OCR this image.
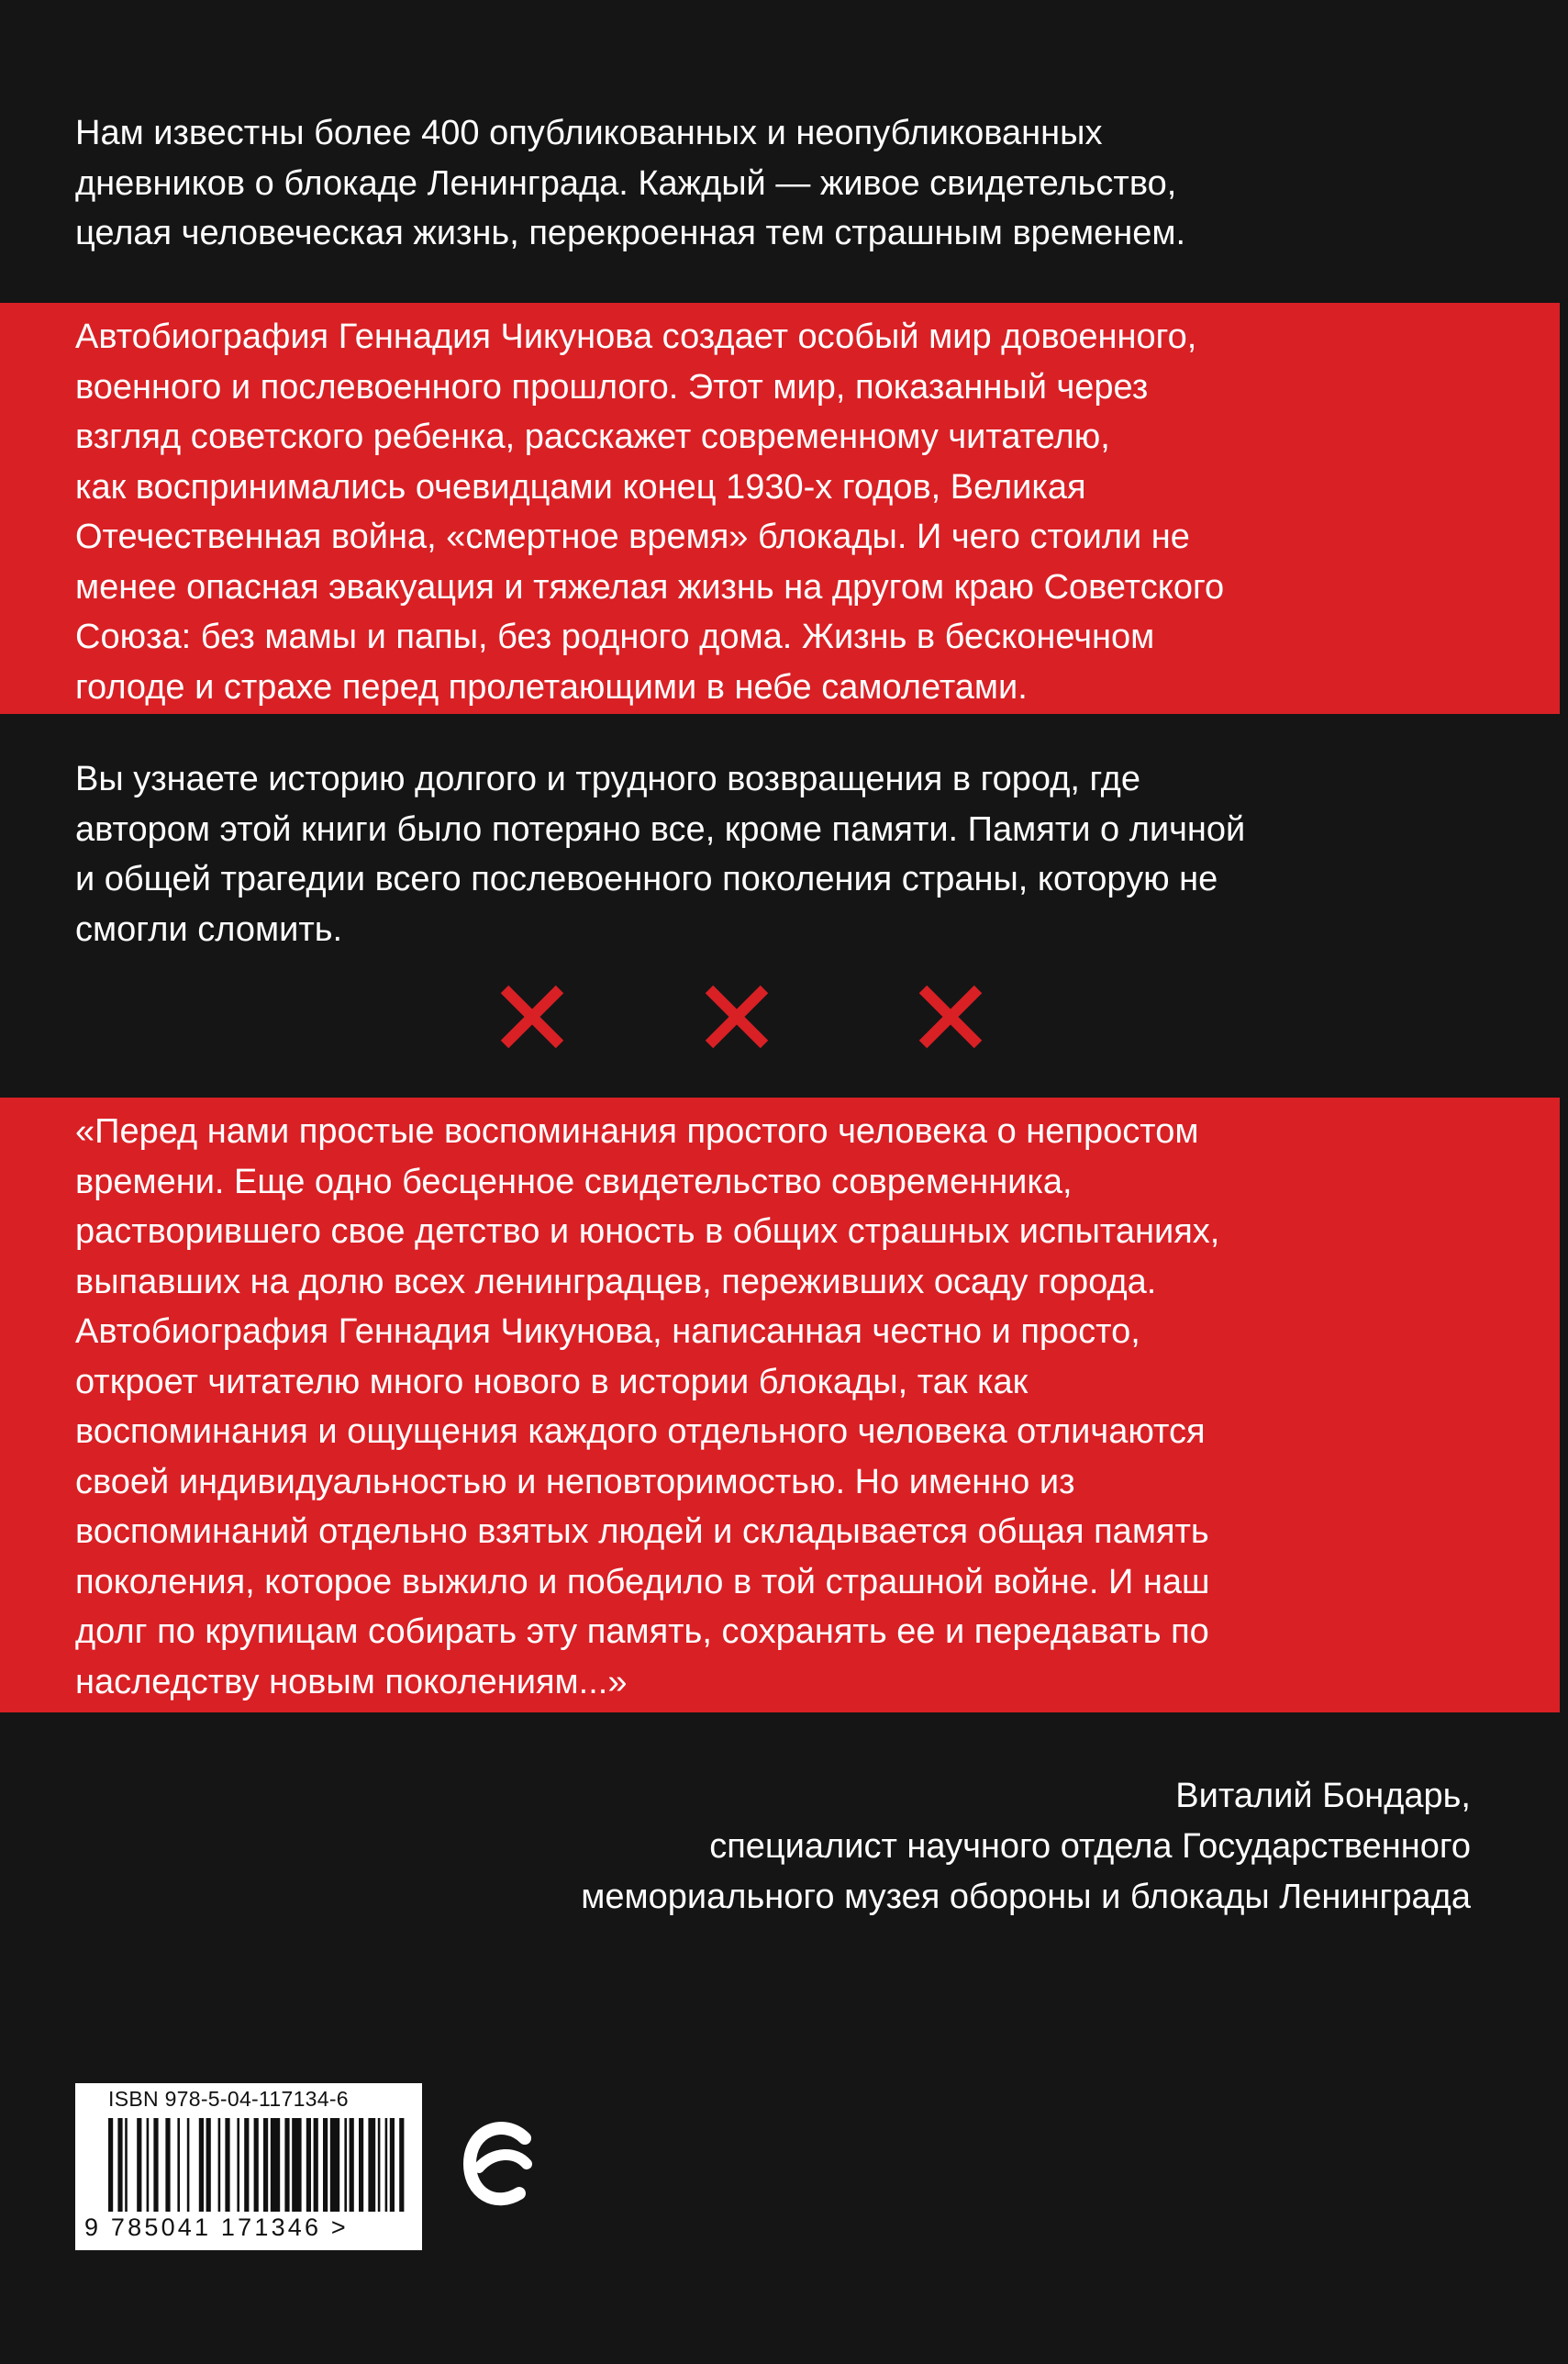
Нам известны более 400 опубликованных и неопубликованных
дневников о блокаде Ленинграда. Каждый — живое свидетельство,
целая человеческая жизнь, перекроенная тем страшным временем.

Автобиография Геннадия Чикунова создает особый мир довоенного,
военного и послевоенного прошлого. Этот мир, показанный через
взгляд советского ребенка, расскажет современному читателю,
как воспринимались очевидцами конец 1930-х годов, Великая
Отечественная война, «смертное время» блокады. И чего стоили не
менее опасная эвакуация и тяжелая жизнь на другом краю Советского
Союза: без мамы и папы, без родного дома. Жизнь в бесконечном
голоде и страхе перед пролетающими в небе самолетами.

Вы узнаете историю долгого и трудного возвращения в город, где
автором этой книги было потеряно все, кроме памяти. Памяти о личной
и общей трагедии всего послевоенного поколения страны, которую не
смогли сломить.

«Перед нами простые воспоминания простого человека о непростом
времени. Еще одно бесценное свидетельство современника,
растворившего свое детство и юность в общих страшных испытаниях,
выпавших на долю всех ленинградцев, переживших осаду города.
Автобиография Геннадия Чикунова, написанная честно и просто,
откроет читателю много нового в истории блокады, так как
воспоминания и ощущения каждого отдельного человека отличаются
своей индивидуальностью и неповторимостью. Но именно из
воспоминаний отдельно взятых людей и складывается общая память
поколения, которое выжило и победило в той страшной войне. И наш
долг по крупицам собирать эту память, сохранять ее и передавать по
наследству новым поколениям...»

Виталий Бондарь,
специалист научного отдела Государственного
мемориального музея обороны и блокады Ленинграда

ISBN 978-5-04-117134-6
9 785041 171346 >
